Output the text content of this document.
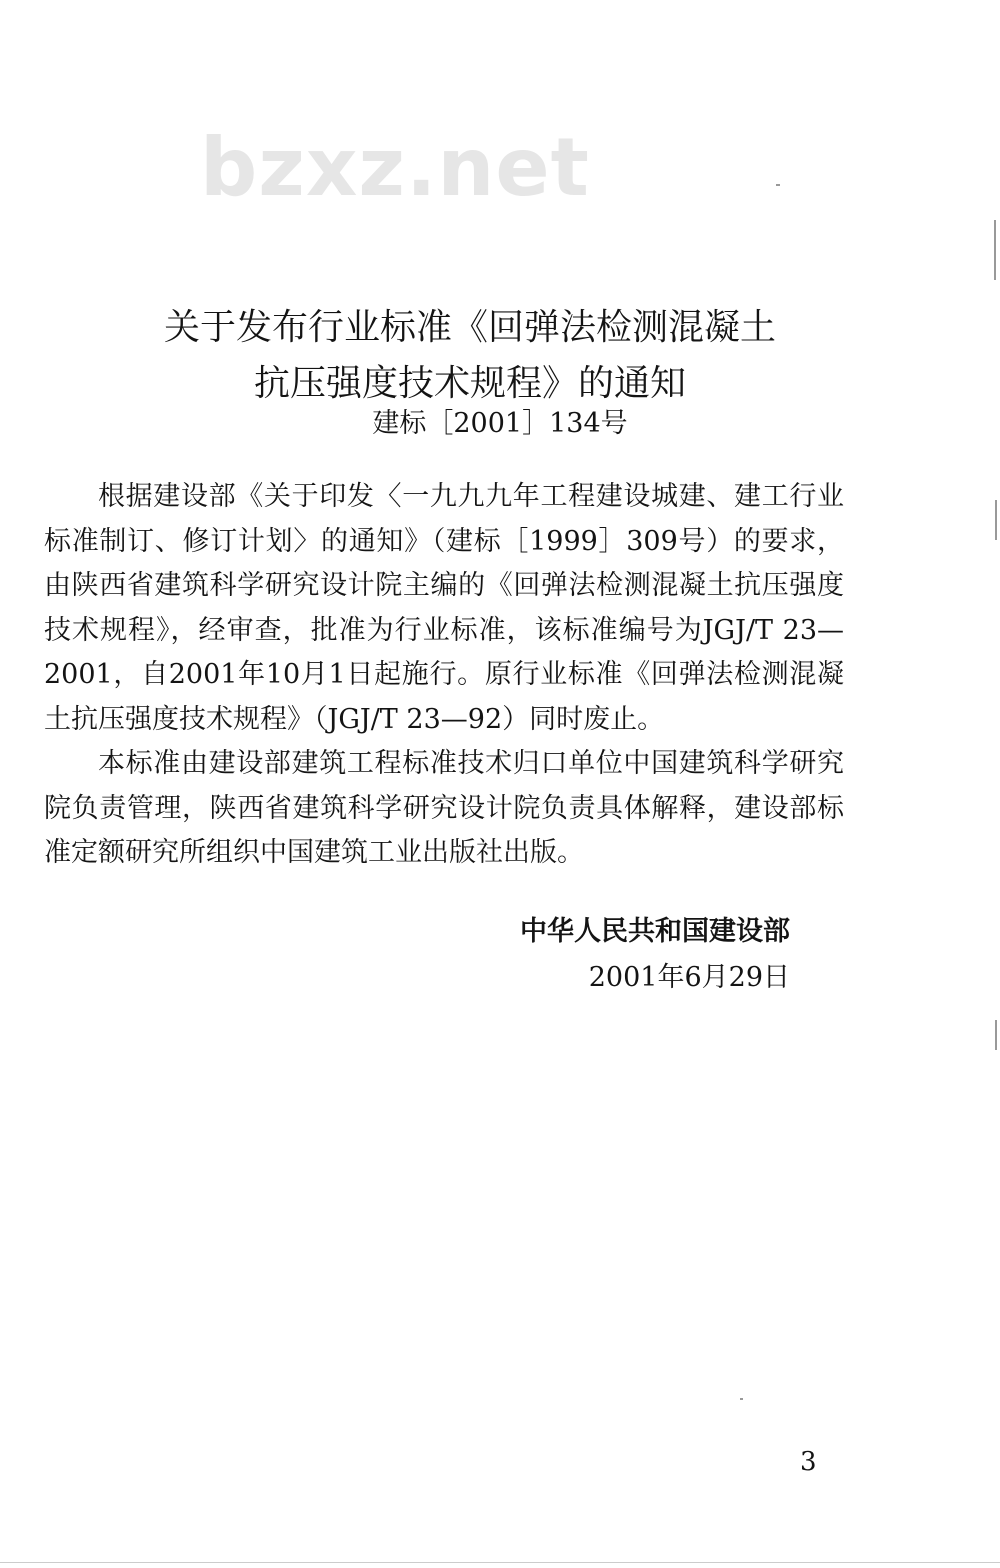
bzxz.net
关于发布行业标准《回弹法检测混凝土
抗压强度技术规程》的通知
建标［2001］134号

根据建设部《关于印发〈一九九九年工程建设城建、建工行业标准制订、修订计划〉的通知》（建标［1999］309号）的要求，由陕西省建筑科学研究设计院主编的《回弹法检测混凝土抗压强度技术规程》，经审查，批准为行业标准，该标准编号为JGJ/T 23—2001，自2001年10月1日起施行。原行业标准《回弹法检测混凝土抗压强度技术规程》（JGJ/T 23—92）同时废止。

本标准由建设部建筑工程标准技术归口单位中国建筑科学研究院负责管理，陕西省建筑科学研究设计院负责具体解释，建设部标准定额研究所组织中国建筑工业出版社出版。

中华人民共和国建设部
2001年6月29日
3
